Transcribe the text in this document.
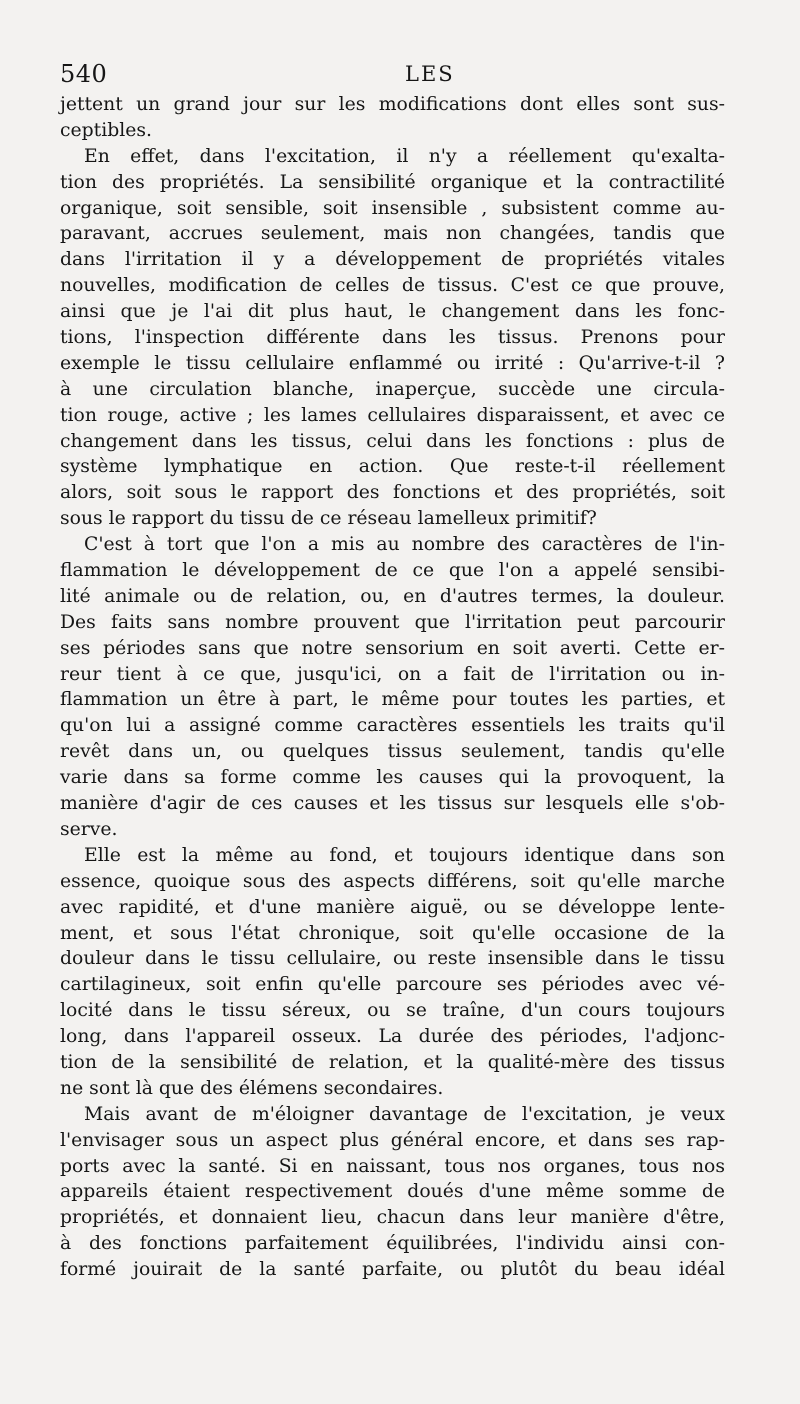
540	LES
jettent un grand jour sur les modifications dont elles sont sus-
ceptibles.
En effet, dans l'excitation, il n'y a réellement qu'exalta-
tion des propriétés. La sensibilité organique et la contractilité
organique, soit sensible, soit insensible , subsistent comme au-
paravant, accrues seulement, mais non changées, tandis que
dans l'irritation il y a développement de propriétés vitales
nouvelles, modification de celles de tissus. C'est ce que prouve,
ainsi que je l'ai dit plus haut, le changement dans les fonc-
tions, l'inspection différente dans les tissus. Prenons pour
exemple le tissu cellulaire enflammé ou irrité : Qu'arrive-t-il ?
à une circulation blanche, inaperçue, succède une circula-
tion rouge, active ; les lames cellulaires disparaissent, et avec ce
changement dans les tissus, celui dans les fonctions : plus de
système lymphatique en action. Que reste-t-il réellement
alors, soit sous le rapport des fonctions et des propriétés, soit
sous le rapport du tissu de ce réseau lamelleux primitif?
C'est à tort que l'on a mis au nombre des caractères de l'in-
flammation le développement de ce que l'on a appelé sensibi-
lité animale ou de relation, ou, en d'autres termes, la douleur.
Des faits sans nombre prouvent que l'irritation peut parcourir
ses périodes sans que notre sensorium en soit averti. Cette er-
reur tient à ce que, jusqu'ici, on a fait de l'irritation ou in-
flammation un être à part, le même pour toutes les parties, et
qu'on lui a assigné comme caractères essentiels les traits qu'il
revêt dans un, ou quelques tissus seulement, tandis qu'elle
varie dans sa forme comme les causes qui la provoquent, la
manière d'agir de ces causes et les tissus sur lesquels elle s'ob-
serve.
Elle est la même au fond, et toujours identique dans son
essence, quoique sous des aspects différens, soit qu'elle marche
avec rapidité, et d'une manière aiguë, ou se développe lente-
ment, et sous l'état chronique, soit qu'elle occasione de la
douleur dans le tissu cellulaire, ou reste insensible dans le tissu
cartilagineux, soit enfin qu'elle parcoure ses périodes avec vé-
locité dans le tissu séreux, ou se traîne, d'un cours toujours
long, dans l'appareil osseux. La durée des périodes, l'adjonc-
tion de la sensibilité de relation, et la qualité-mère des tissus
ne sont là que des élémens secondaires.
Mais avant de m'éloigner davantage de l'excitation, je veux
l'envisager sous un aspect plus général encore, et dans ses rap-
ports avec la santé. Si en naissant, tous nos organes, tous nos
appareils étaient respectivement doués d'une même somme de
propriétés, et donnaient lieu, chacun dans leur manière d'être,
à des fonctions parfaitement équilibrées, l'individu ainsi con-
formé jouirait de la santé parfaite, ou plutôt du beau idéal
